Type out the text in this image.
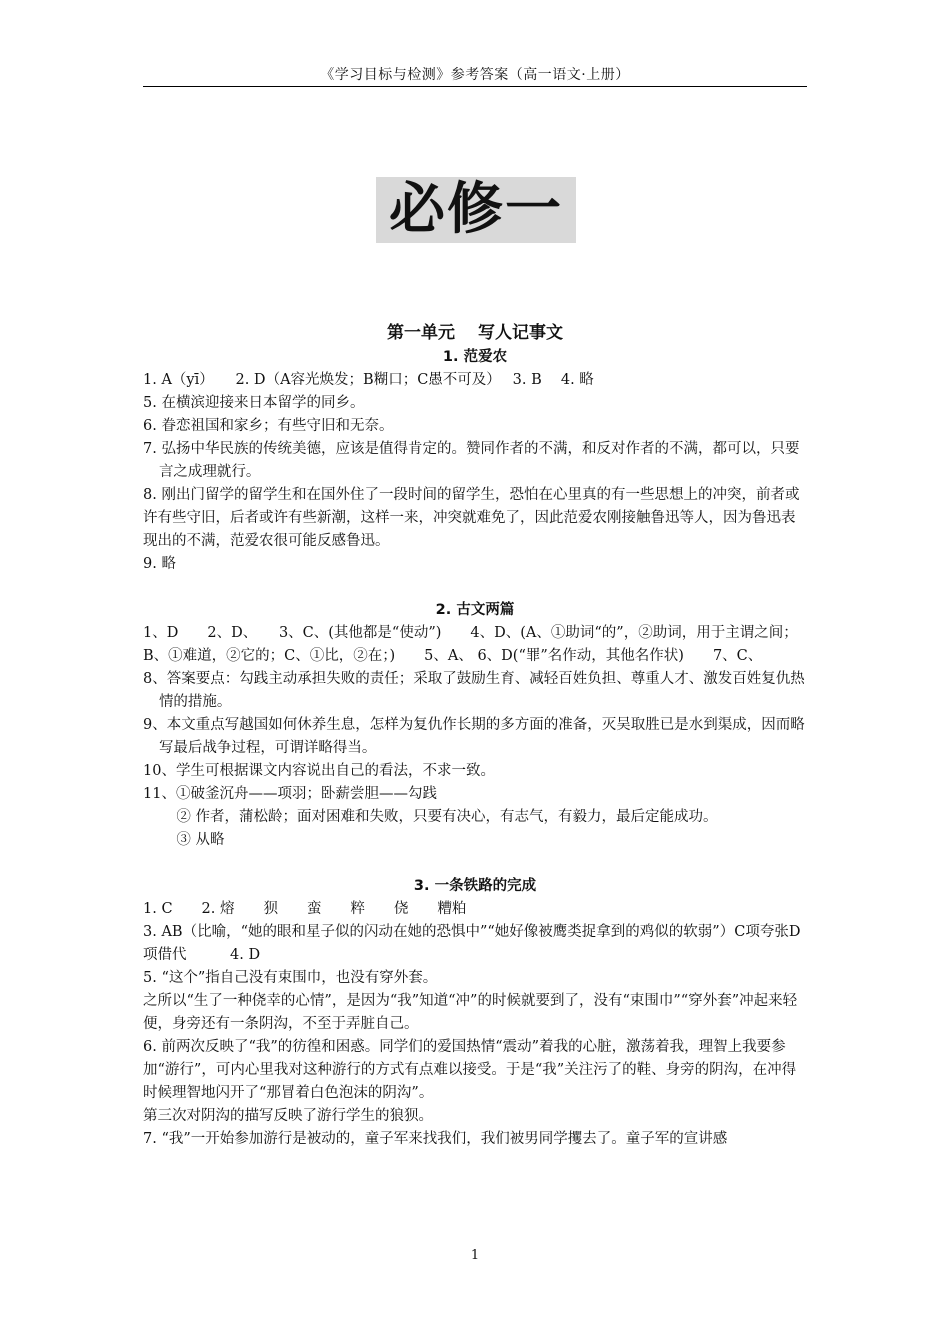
《学习目标与检测》参考答案（高一语文·上册）
必修一
第一单元　 写人记事文
1. 范爱农
1. A（yī）　　2. D（A容光焕发；B糊口；C愚不可及）　 3. B　 4. 略
5. 在横滨迎接来日本留学的同乡。
6. 眷恋祖国和家乡；有些守旧和无奈。
7. 弘扬中华民族的传统美德，应该是值得肯定的。赞同作者的不满，和反对作者的不满，都可以，只要言之成理就行。
8. 刚出门留学的留学生和在国外住了一段时间的留学生，恐怕在心里真的有一些思想上的冲突，前者或许有些守旧，后者或许有些新潮，这样一来，冲突就难免了，因此范爱农刚接触鲁迅等人，因为鲁迅表现出的不满，范爱农很可能反感鲁迅。
9. 略
2. 古文两篇
1、D　　2、D、　　3、C、(其他都是“使动”)　　4、D、(A、①助词“的”，②助词，用于主谓之间；B、①难道，②它的；C、①比，②在；)　　5、A、 6、D(“罪”名作动，其他名作状)　　7、C、
8、答案要点：勾践主动承担失败的责任；采取了鼓励生育、减轻百姓负担、尊重人才、激发百姓复仇热情的措施。
9、本文重点写越国如何休养生息，怎样为复仇作长期的多方面的准备，灭吴取胜已是水到渠成，因而略写最后战争过程，可谓详略得当。
10、学生可根据课文内容说出自己的看法，不求一致。
11、①破釜沉舟——项羽；卧薪尝胆——勾践
② 作者，蒲松龄；面对困难和失败，只要有决心，有志气，有毅力，最后定能成功。
③ 从略
3. 一条铁路的完成
1. C　　2. 熔　　狈　　蛮　　粹　　侥　　糟粕
3. AB（比喻，“她的眼和星子似的闪动在她的恐惧中”“她好像被鹰类捉拿到的鸡似的软弱”）C项夸张D项借代　　　4. D
5. “这个”指自己没有束围巾，也没有穿外套。
之所以“生了一种侥幸的心情”，是因为“我”知道“冲”的时候就要到了，没有“束围巾”“穿外套”冲起来轻便，身旁还有一条阴沟，不至于弄脏自己。
6. 前两次反映了“我”的彷徨和困惑。同学们的爱国热情“震动”着我的心脏，激荡着我，理智上我要参加“游行”，可内心里我对这种游行的方式有点难以接受。于是“我”关注污了的鞋、身旁的阴沟，在冲得时候理智地闪开了“那冒着白色泡沫的阴沟”。
第三次对阴沟的描写反映了游行学生的狼狈。
7. “我”一开始参加游行是被动的，童子军来找我们，我们被男同学攫去了。童子军的宣讲感
1
